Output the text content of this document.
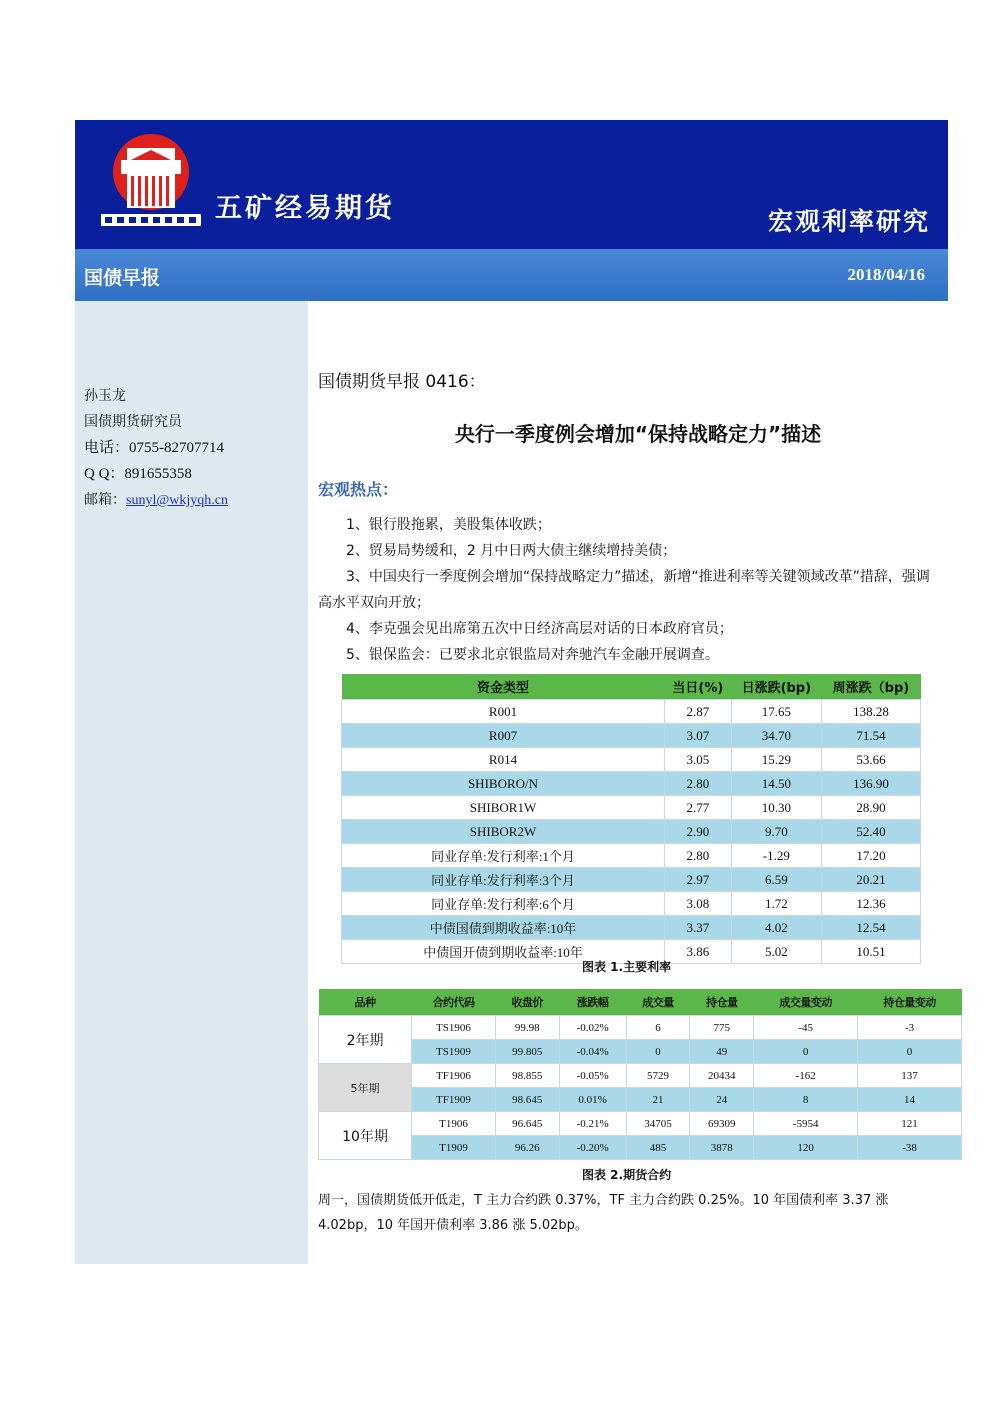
五矿经易期货	宏观利率研究
国债早报	2018/04/16
孙玉龙
国债期货研究员
电话：0755-82707714
Q Q：891655358
邮箱：sunyl@wkjyqh.cn
国债期货早报 0416：
央行一季度例会增加“保持战略定力”描述
宏观热点：

1、银行股拖累，美股集体收跌；

2、贸易局势缓和，2 月中日两大债主继续增持美债；

3、中国央行一季度例会增加“保持战略定力”描述，新增“推进利率等关键领域改革”措辞，强调高水平双向开放；

4、李克强会见出席第五次中日经济高层对话的日本政府官员；

5、银保监会：已要求北京银监局对奔驰汽车金融开展调查。

资金类型	当日(%)	日涨跌(bp)	周涨跌（bp)
R001	2.87	17.65	138.28
R007	3.07	34.70	71.54
R014	3.05	15.29	53.66
SHIBORO/N	2.80	14.50	136.90
SHIBOR1W	2.77	10.30	28.90
SHIBOR2W	2.90	9.70	52.40
同业存单:发行利率:1个月	2.80	-1.29	17.20
同业存单:发行利率:3个月	2.97	6.59	20.21
同业存单:发行利率:6个月	3.08	1.72	12.36
中债国债到期收益率:10年	3.37	4.02	12.54
中债国开债到期收益率:10年	3.86	5.02	10.51
图表 1.主要利率
品种	合约代码	收盘价	涨跌幅	成交量	持仓量	成交量变动	持仓量变动
2年期	TS1906	99.98	-0.02%	6	775	-45	-3
	TS1909	99.805	-0.04%	0	49	0	0
5年期	TF1906	98.855	-0.05%	5729	20434	-162	137
	TF1909	98.645	0.01%	21	24	8	14
10年期	T1906	96.645	-0.21%	34705	69309	-5954	121
	T1909	96.26	-0.20%	485	3878	120	-38
图表 2.期货合约

周一，国债期货低开低走，T 主力合约跌 0.37%，TF 主力合约跌 0.25%。10 年国债利率 3.37 涨 4.02bp，10 年国开债利率 3.86 涨 5.02bp。
